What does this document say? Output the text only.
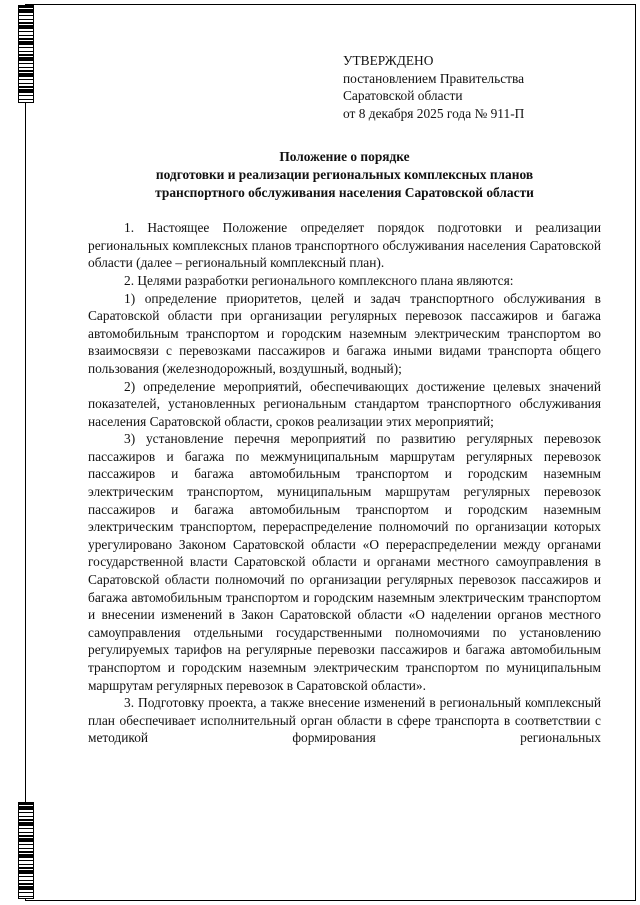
УТВЕРЖДЕНО
постановлением Правительства
Саратовской области
от 8 декабря 2025 года № 911-П
Положение о порядке
подготовки и реализации региональных комплексных планов
транспортного обслуживания населения Саратовской области

1. Настоящее Положение определяет порядок подготовки и реализации региональных комплексных планов транспортного обслуживания населения Саратовской области (далее – региональный комплексный план).

2. Целями разработки регионального комплексного плана являются:

1) определение приоритетов, целей и задач транспортного обслуживания в Саратовской области при организации регулярных перевозок пассажиров и багажа автомобильным транспортом и городским наземным электрическим транспортом во взаимосвязи с перевозками пассажиров и багажа иными видами транспорта общего пользования (железнодорожный, воздушный, водный);

2) определение мероприятий, обеспечивающих достижение целевых значений показателей, установленных региональным стандартом транспортного обслуживания населения Саратовской области, сроков реализации этих мероприятий;

3) установление перечня мероприятий по развитию регулярных перевозок пассажиров и багажа по межмуниципальным маршрутам регулярных перевозок пассажиров и багажа автомобильным транспортом и городским наземным электрическим транспортом, муниципальным маршрутам регулярных перевозок пассажиров и багажа автомобильным транспортом и городским наземным электрическим транспортом, перераспределение полномочий по организации которых урегулировано Законом Саратовской области «О перераспределении между органами государственной власти Саратовской области и органами местного самоуправления в Саратовской области полномочий по организации регулярных перевозок пассажиров и багажа автомобильным транспортом и городским наземным электрическим транспортом и внесении изменений в Закон Саратовской области «О наделении органов местного самоуправления отдельными государственными полномочиями по установлению регулируемых тарифов на регулярные перевозки пассажиров и багажа автомобильным транспортом и городским наземным электрическим транспортом по муниципальным маршрутам регулярных перевозок в Саратовской области».

3. Подготовку проекта, а также внесение изменений в региональный комплексный план обеспечивает исполнительный орган области в сфере транспорта в соответствии с методикой формирования региональных
